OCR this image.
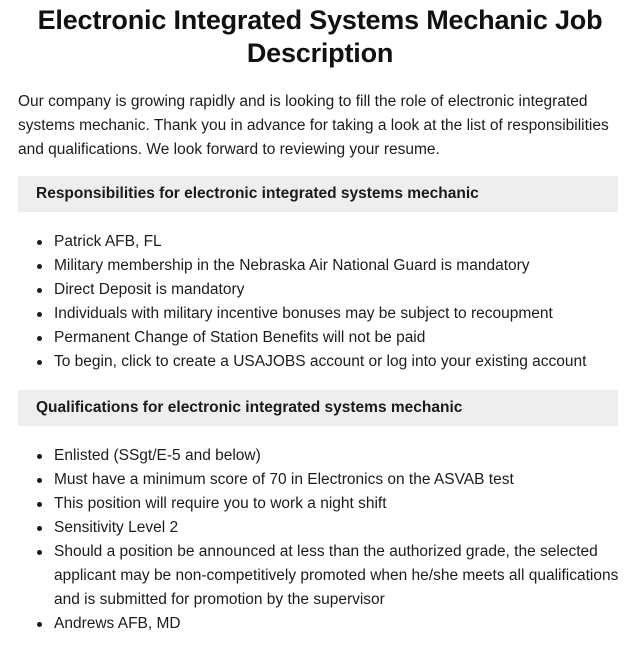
Electronic Integrated Systems Mechanic Job Description

Our company is growing rapidly and is looking to fill the role of electronic integrated systems mechanic. Thank you in advance for taking a look at the list of responsibilities and qualifications. We look forward to reviewing your resume.

Responsibilities for electronic integrated systems mechanic
Patrick AFB, FL
Military membership in the Nebraska Air National Guard is mandatory
Direct Deposit is mandatory
Individuals with military incentive bonuses may be subject to recoupment
Permanent Change of Station Benefits will not be paid
To begin, click to create a USAJOBS account or log into your existing account
Qualifications for electronic integrated systems mechanic
Enlisted (SSgt/E-5 and below)
Must have a minimum score of 70 in Electronics on the ASVAB test
This position will require you to work a night shift
Sensitivity Level 2
Should a position be announced at less than the authorized grade, the selected applicant may be non-competitively promoted when he/she meets all qualifications and is submitted for promotion by the supervisor
Andrews AFB, MD
